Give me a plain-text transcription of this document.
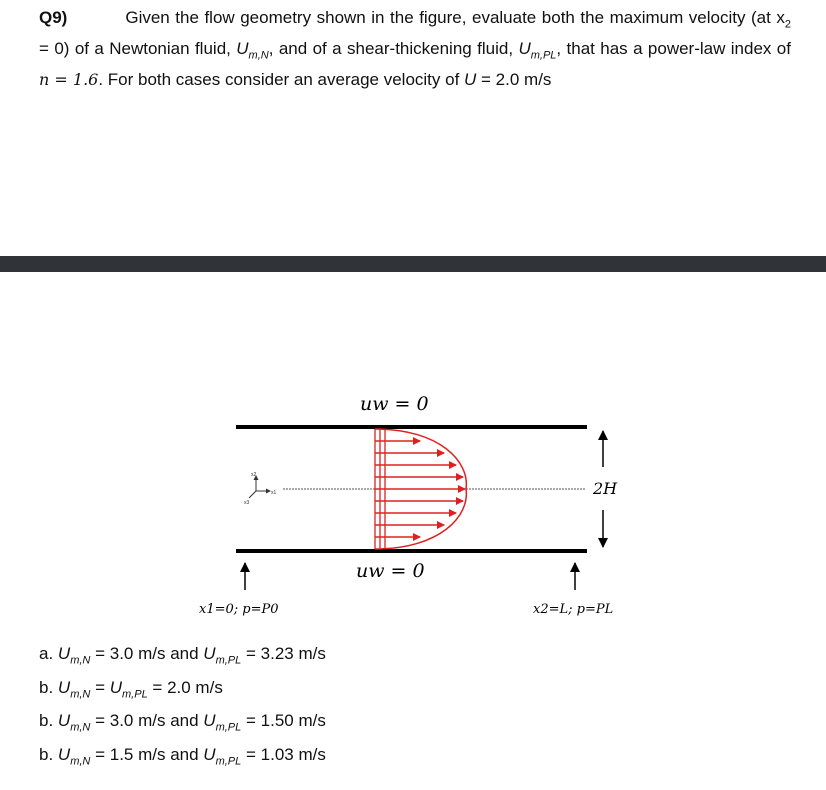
Q9)	Given the flow geometry shown in the figure, evaluate both the maximum velocity (at $x_2 = 0$) of a Newtonian fluid, $U_{m,N}$, and of a shear-thickening fluid, $U_{m,PL}$, that has a power-law index of n = 1.6. For both cases consider an average velocity of U = 2.0 m/s
uw = 0
x2
x1
x3
uw = 0
2H
x1=0; p=P0	x2=L; p=PL
a. $U_{m,N} = 3.0$ m/s and $U_{m,PL} = 3.23$ m/s
b. $U_{m,N} = U_{m,PL} = 2.0$ m/s
b. $U_{m,N} = 3.0$ m/s and $U_{m,PL} = 1.50$ m/s
b. $U_{m,N} = 1.5$ m/s and $U_{m,PL} = 1.03$ m/s
